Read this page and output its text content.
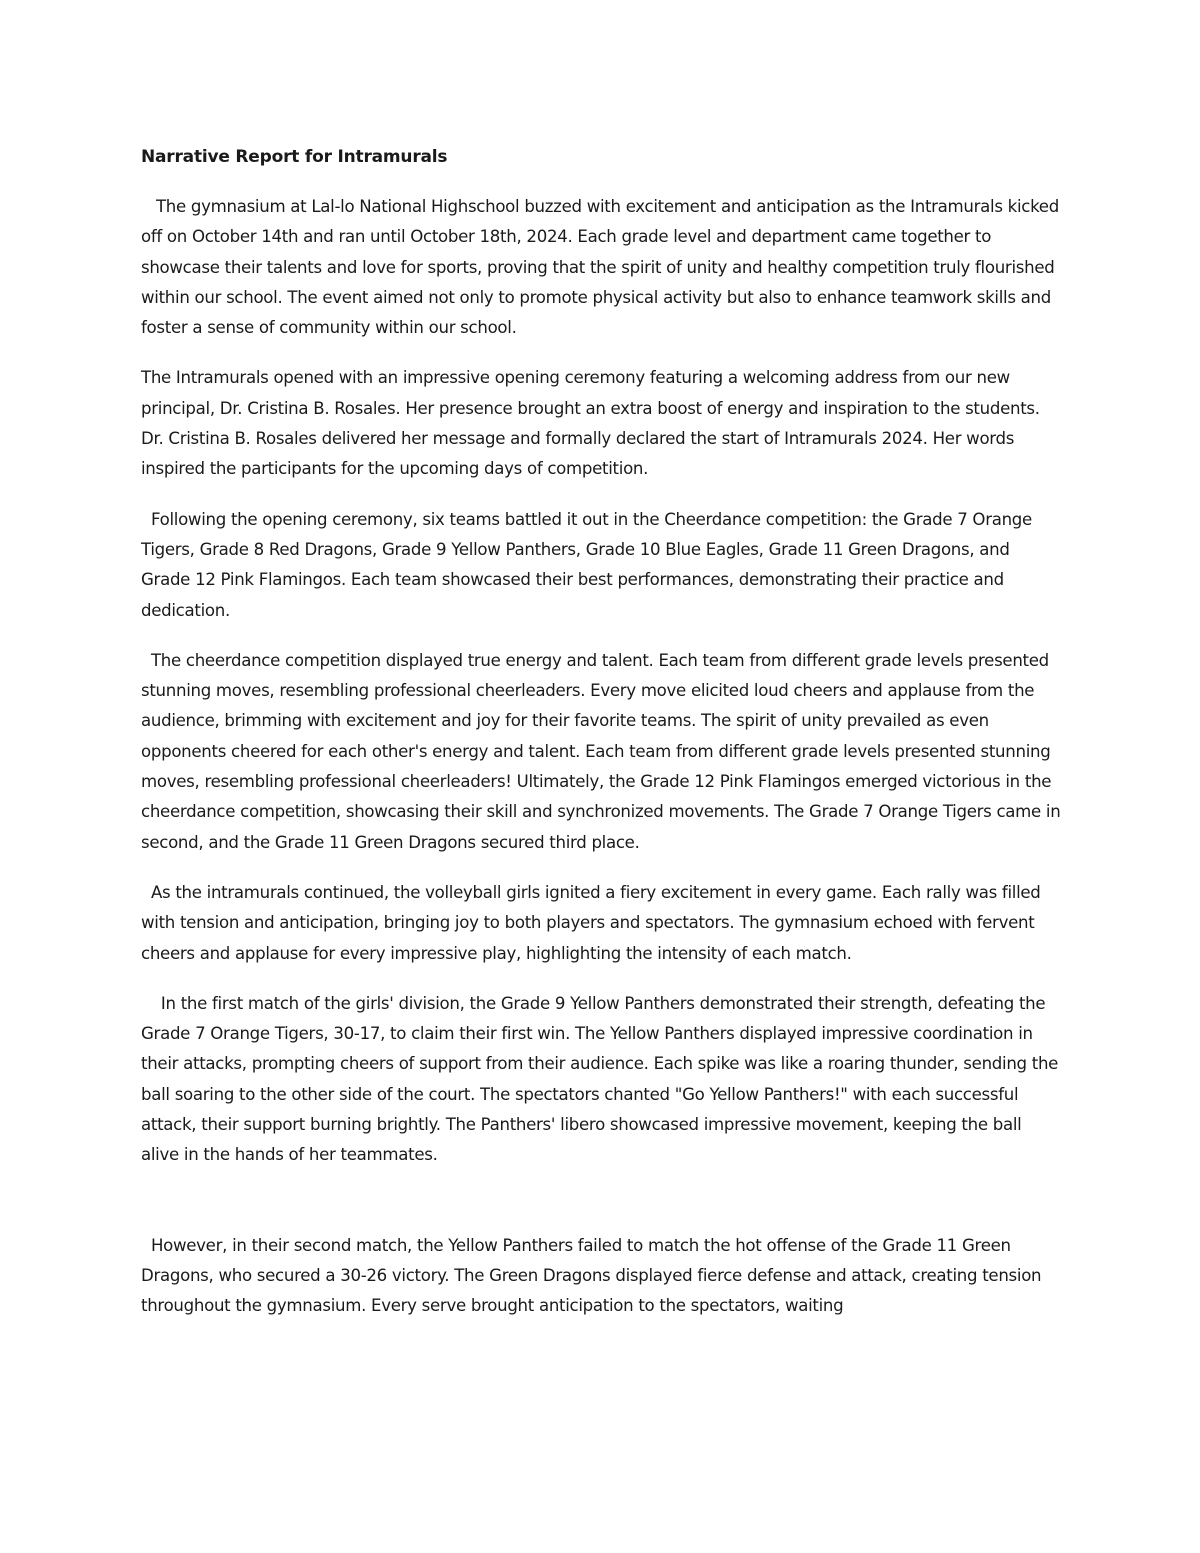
Narrative Report for Intramurals

The gymnasium at Lal-lo National Highschool buzzed with excitement and anticipation as the Intramurals kicked off on October 14th and ran until October 18th, 2024. Each grade level and department came together to showcase their talents and love for sports, proving that the spirit of unity and healthy competition truly flourished within our school. The event aimed not only to promote physical activity but also to enhance teamwork skills and foster a sense of community within our school.

The Intramurals opened with an impressive opening ceremony featuring a welcoming address from our new principal, Dr. Cristina B. Rosales. Her presence brought an extra boost of energy and inspiration to the students. Dr. Cristina B. Rosales delivered her message and formally declared the start of Intramurals 2024. Her words inspired the participants for the upcoming days of competition.

Following the opening ceremony, six teams battled it out in the Cheerdance competition: the Grade 7 Orange Tigers, Grade 8 Red Dragons, Grade 9 Yellow Panthers, Grade 10 Blue Eagles, Grade 11 Green Dragons, and Grade 12 Pink Flamingos. Each team showcased their best performances, demonstrating their practice and dedication.

The cheerdance competition displayed true energy and talent. Each team from different grade levels presented stunning moves, resembling professional cheerleaders. Every move elicited loud cheers and applause from the audience, brimming with excitement and joy for their favorite teams. The spirit of unity prevailed as even opponents cheered for each other's energy and talent. Each team from different grade levels presented stunning moves, resembling professional cheerleaders! Ultimately, the Grade 12 Pink Flamingos emerged victorious in the cheerdance competition, showcasing their skill and synchronized movements. The Grade 7 Orange Tigers came in second, and the Grade 11 Green Dragons secured third place.

As the intramurals continued, the volleyball girls ignited a fiery excitement in every game. Each rally was filled with tension and anticipation, bringing joy to both players and spectators. The gymnasium echoed with fervent cheers and applause for every impressive play, highlighting the intensity of each match.

In the first match of the girls' division, the Grade 9 Yellow Panthers demonstrated their strength, defeating the Grade 7 Orange Tigers, 30-17, to claim their first win. The Yellow Panthers displayed impressive coordination in their attacks, prompting cheers of support from their audience. Each spike was like a roaring thunder, sending the ball soaring to the other side of the court. The spectators chanted "Go Yellow Panthers!" with each successful attack, their support burning brightly. The Panthers' libero showcased impressive movement, keeping the ball alive in the hands of her teammates.

However, in their second match, the Yellow Panthers failed to match the hot offense of the Grade 11 Green Dragons, who secured a 30-26 victory. The Green Dragons displayed fierce defense and attack, creating tension throughout the gymnasium. Every serve brought anticipation to the spectators, waiting
